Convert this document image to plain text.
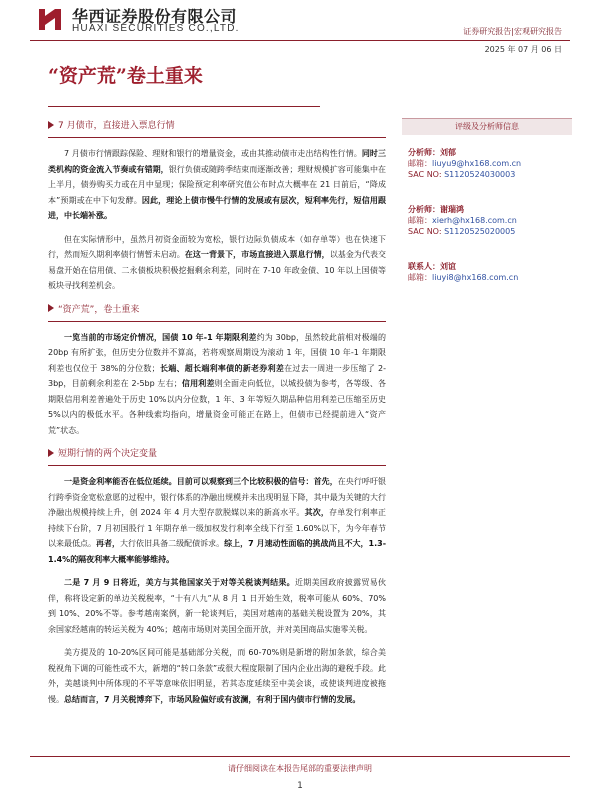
华西证券股份有限公司
HUAXI SECURITIES CO.,LTD.	证券研究报告|宏观研究报告
2025 年 07 月 06 日
“资产荒”卷土重来
7 月债市，直接进入票息行情

7 月债市行情跟踪保险、理财和银行的增量资金，或由其推动债市走出结构性行情。同时三类机构的资金流入节奏或有错期，银行负债或随跨季结束而逐渐改善；理财规模扩容可能集中在上半月，债券购买力或在月中显现；保险预定利率研究值公布时点大概率在 21 日前后，“降成本”预期或在中下旬发酵。因此，理论上债市慢牛行情的发展或有层次，短利率先行，短信用跟进，中长端补涨。

但在实际情形中，虽然月初资金面较为宽松，银行边际负债成本（如存单等）也在快速下行，然而短久期利率债行情暂未启动。在这一背景下，市场直接进入票息行情，以基金为代表交易盘开始在信用债、二永债板块积极挖掘剩余利差，同时在 7-10 年政金债、10 年以上国债等板块寻找利差机会。

“资产荒”，卷土重来

一览当前的市场定价情况，国债 10 年-1 年期限利差约为 30bp，虽然较此前相对极端的 20bp 有所扩张，但历史分位数并不算高，若将观察周期设为滚动 1 年，国债 10 年-1 年期限利差也仅位于 38%的分位数；长端、超长端利率债的新老券利差在过去一周进一步压缩了 2-3bp，目前剩余利差在 2-5bp 左右；信用利差则全面走向低位，以城投债为参考，各等级、各期限信用利差普遍处于历史 10%以内分位数，1 年、3 年等短久期品种信用利差已压缩至历史 5%以内的极低水平。各种线索均指向，增量资金可能正在路上，但债市已经提前进入“资产荒”状态。

短期行情的两个决定变量

一是资金利率能否在低位延续。目前可以观察到三个比较积极的信号：首先，在央行呼吁银行跨季资金宽松意愿的过程中，银行体系的净融出规模并未出现明显下降，其中最为关键的大行净融出规模持续上升，创 2024 年 4 月大型存款脱媒以来的新高水平。其次，存单发行利率正持续下台阶，7 月初国股行 1 年期存单一级加权发行利率全线下行至 1.60%以下，为今年春节以来最低点。再者，大行依旧具备二级配债诉求。综上，7 月速动性面临的挑战尚且不大，1.3-1.4%的隔夜利率大概率能够维持。

二是 7 月 9 日将近，美方与其他国家关于对等关税谈判结果。近期美国政府披露贸易伙伴，称将设定新的单边关税税率，“十有八九”从 8 月 1 日开始生效，税率可能从 60%、70%到 10%、20%不等。参考越南案例，新一轮谈判后，美国对越南的基础关税设置为 20%，其余国家经越南的转运关税为 40%；越南市场则对美国全面开放，并对美国商品实施零关税。

美方提及的 10-20%区间可能是基础部分关税，而 60-70%则是新增的附加条款，综合美税视角下调的可能性或不大，新增的“转口条款”或很大程度限制了国内企业出海的避税手段。此外，美越谈判中所体现的不平等意味依旧明显，若其态度延续至中美会谈，或使谈判进度被拖慢。总结而言，7 月关税博弈下，市场风险偏好或有波澜，有利于国内债市行情的发展。

评级及分析师信息
分析师：刘郁
邮箱：liuyu9@hx168.com.cn
SAC NO: S1120524030003
分析师：谢瑞鸿
邮箱：xierh@hx168.com.cn
SAC NO: S1120525020005
联系人：刘谊
邮箱：liuyi8@hx168.com.cn
请仔细阅读在本报告尾部的重要法律声明
1
